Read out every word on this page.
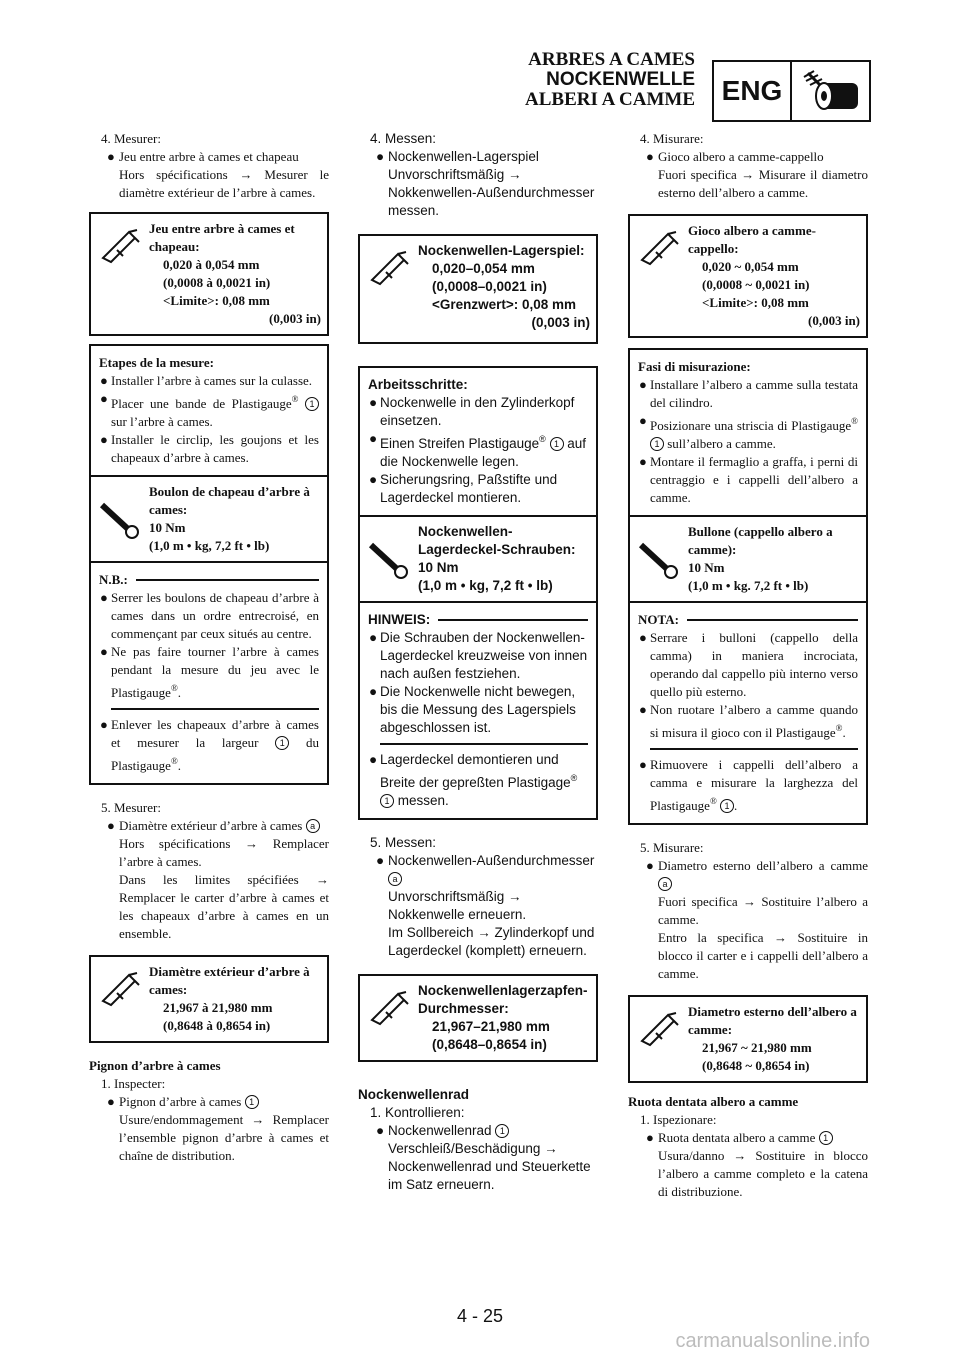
ARBRES A CAMES
NOCKENWELLE
ALBERI A CAMME ENG
4. Mesurer:
● Jeu entre arbre à cames et chapeau
Hors spécifications → Mesurer le diamètre extérieur de l’arbre à cames.
Jeu entre arbre à cames et chapeau:
0,020 à 0,054 mm
(0,0008 à 0,0021 in)
<Limite>: 0,08 mm
(0,003 in)
Etapes de la mesure:
● Installer l’arbre à cames sur la culasse.
● Placer une bande de Plastigauge® 1 sur l’arbre à cames.
● Installer le circlip, les goujons et les chapeaux d’arbre à cames.
Boulon de chapeau d’arbre à cames:
10 Nm
(1,0 m • kg, 7,2 ft • lb)
N.B.:
● Serrer les boulons de chapeau d’arbre à cames dans un ordre entrecroisé, en commençant par ceux situés au centre.
● Ne pas faire tourner l’arbre à cames pendant la mesure du jeu avec le Plastigauge®.
● Enlever les chapeaux d’arbre à cames et mesurer la largeur 1 du Plastigauge®.
5. Mesurer:
● Diamètre extérieur d’arbre à cames a
Hors spécifications → Remplacer l’arbre à cames.
Dans les limites spécifiées → Remplacer le carter d’arbre à cames et les chapeaux d’arbre à cames en un ensemble.
Diamètre extérieur d’arbre à cames:
21,967 à 21,980 mm
(0,8648 à 0,8654 in)
Pignon d’arbre à cames
1. Inspecter:
● Pignon d’arbre à cames 1
Usure/endommagement → Remplacer l’ensemble pignon d’arbre à cames et chaîne de distribution.
4. Messen:
● Nockenwellen-Lagerspiel
Unvorschriftsmäßig → Nokkenwellen-Außendurchmesser messen.
Nockenwellen-Lagerspiel:
0,020–0,054 mm
(0,0008–0,0021 in)
<Grenzwert>: 0,08 mm
(0,003 in)
Arbeitsschritte:
● Nockenwelle in den Zylinderkopf einsetzen.
● Einen Streifen Plastigauge® 1 auf die Nockenwelle legen.
● Sicherungsring, Paßstifte und Lagerdeckel montieren.
Nockenwellen-Lagerdeckel-Schrauben:
10 Nm
(1,0 m • kg, 7,2 ft • lb)
HINWEIS:
● Die Schrauben der Nockenwellen-Lagerdeckel kreuzweise von innen nach außen festziehen.
● Die Nockenwelle nicht bewegen, bis die Messung des Lagerspiels abgeschlossen ist.
● Lagerdeckel demontieren und Breite der gepreßten Plastigage® 1 messen.
5. Messen:
● Nockenwellen-Außendurchmesser a
Unvorschriftsmäßig → Nokkenwelle erneuern.
Im Sollbereich → Zylinderkopf und Lagerdeckel (komplett) erneuern.
Nockenwellenlagerzapfen-Durchmesser:
21,967–21,980 mm
(0,8648–0,8654 in)
Nockenwellenrad
1. Kontrollieren:
● Nockenwellenrad 1
Verschleiß/Beschädigung → Nockenwellenrad und Steuerkette im Satz erneuern.
4. Misurare:
● Gioco albero a camme-cappello
Fuori specifica → Misurare il diametro esterno dell’albero a camme.
Gioco albero a camme-cappello:
0,020 ~ 0,054 mm
(0,0008 ~ 0,0021 in)
<Limite>: 0,08 mm
(0,003 in)
Fasi di misurazione:
● Installare l’albero a camme sulla testata del cilindro.
● Posizionare una striscia di Plastigauge® 1 sull’albero a camme.
● Montare il fermaglio a graffa, i perni di centraggio e i cappelli dell’albero a camme.
Bullone (cappello albero a camme):
10 Nm
(1,0 m • kg. 7,2 ft • lb)
NOTA:
● Serrare i bulloni (cappello della camma) in maniera incrociata, operando dal cappello più interno verso quello più esterno.
● Non ruotare l’albero a camme quando si misura il gioco con il Plastigauge®.
● Rimuovere i cappelli dell’albero a camma e misurare la larghezza del Plastigauge® 1 .
5. Misurare:
● Diametro esterno dell’albero a camme a
Fuori specifica → Sostituire l’albero a camme.
Entro la specifica → Sostituire in blocco il carter e i cappelli dell’albero a camme.
Diametro esterno dell’albero a camme:
21,967 ~ 21,980 mm
(0,8648 ~ 0,8654 in)
Ruota dentata albero a camme
1. Ispezionare:
● Ruota dentata albero a camme 1
Usura/danno → Sostituire in blocco l’albero a camme completo e la catena di distribuzione.
4 - 25
carmanualsonline.info
